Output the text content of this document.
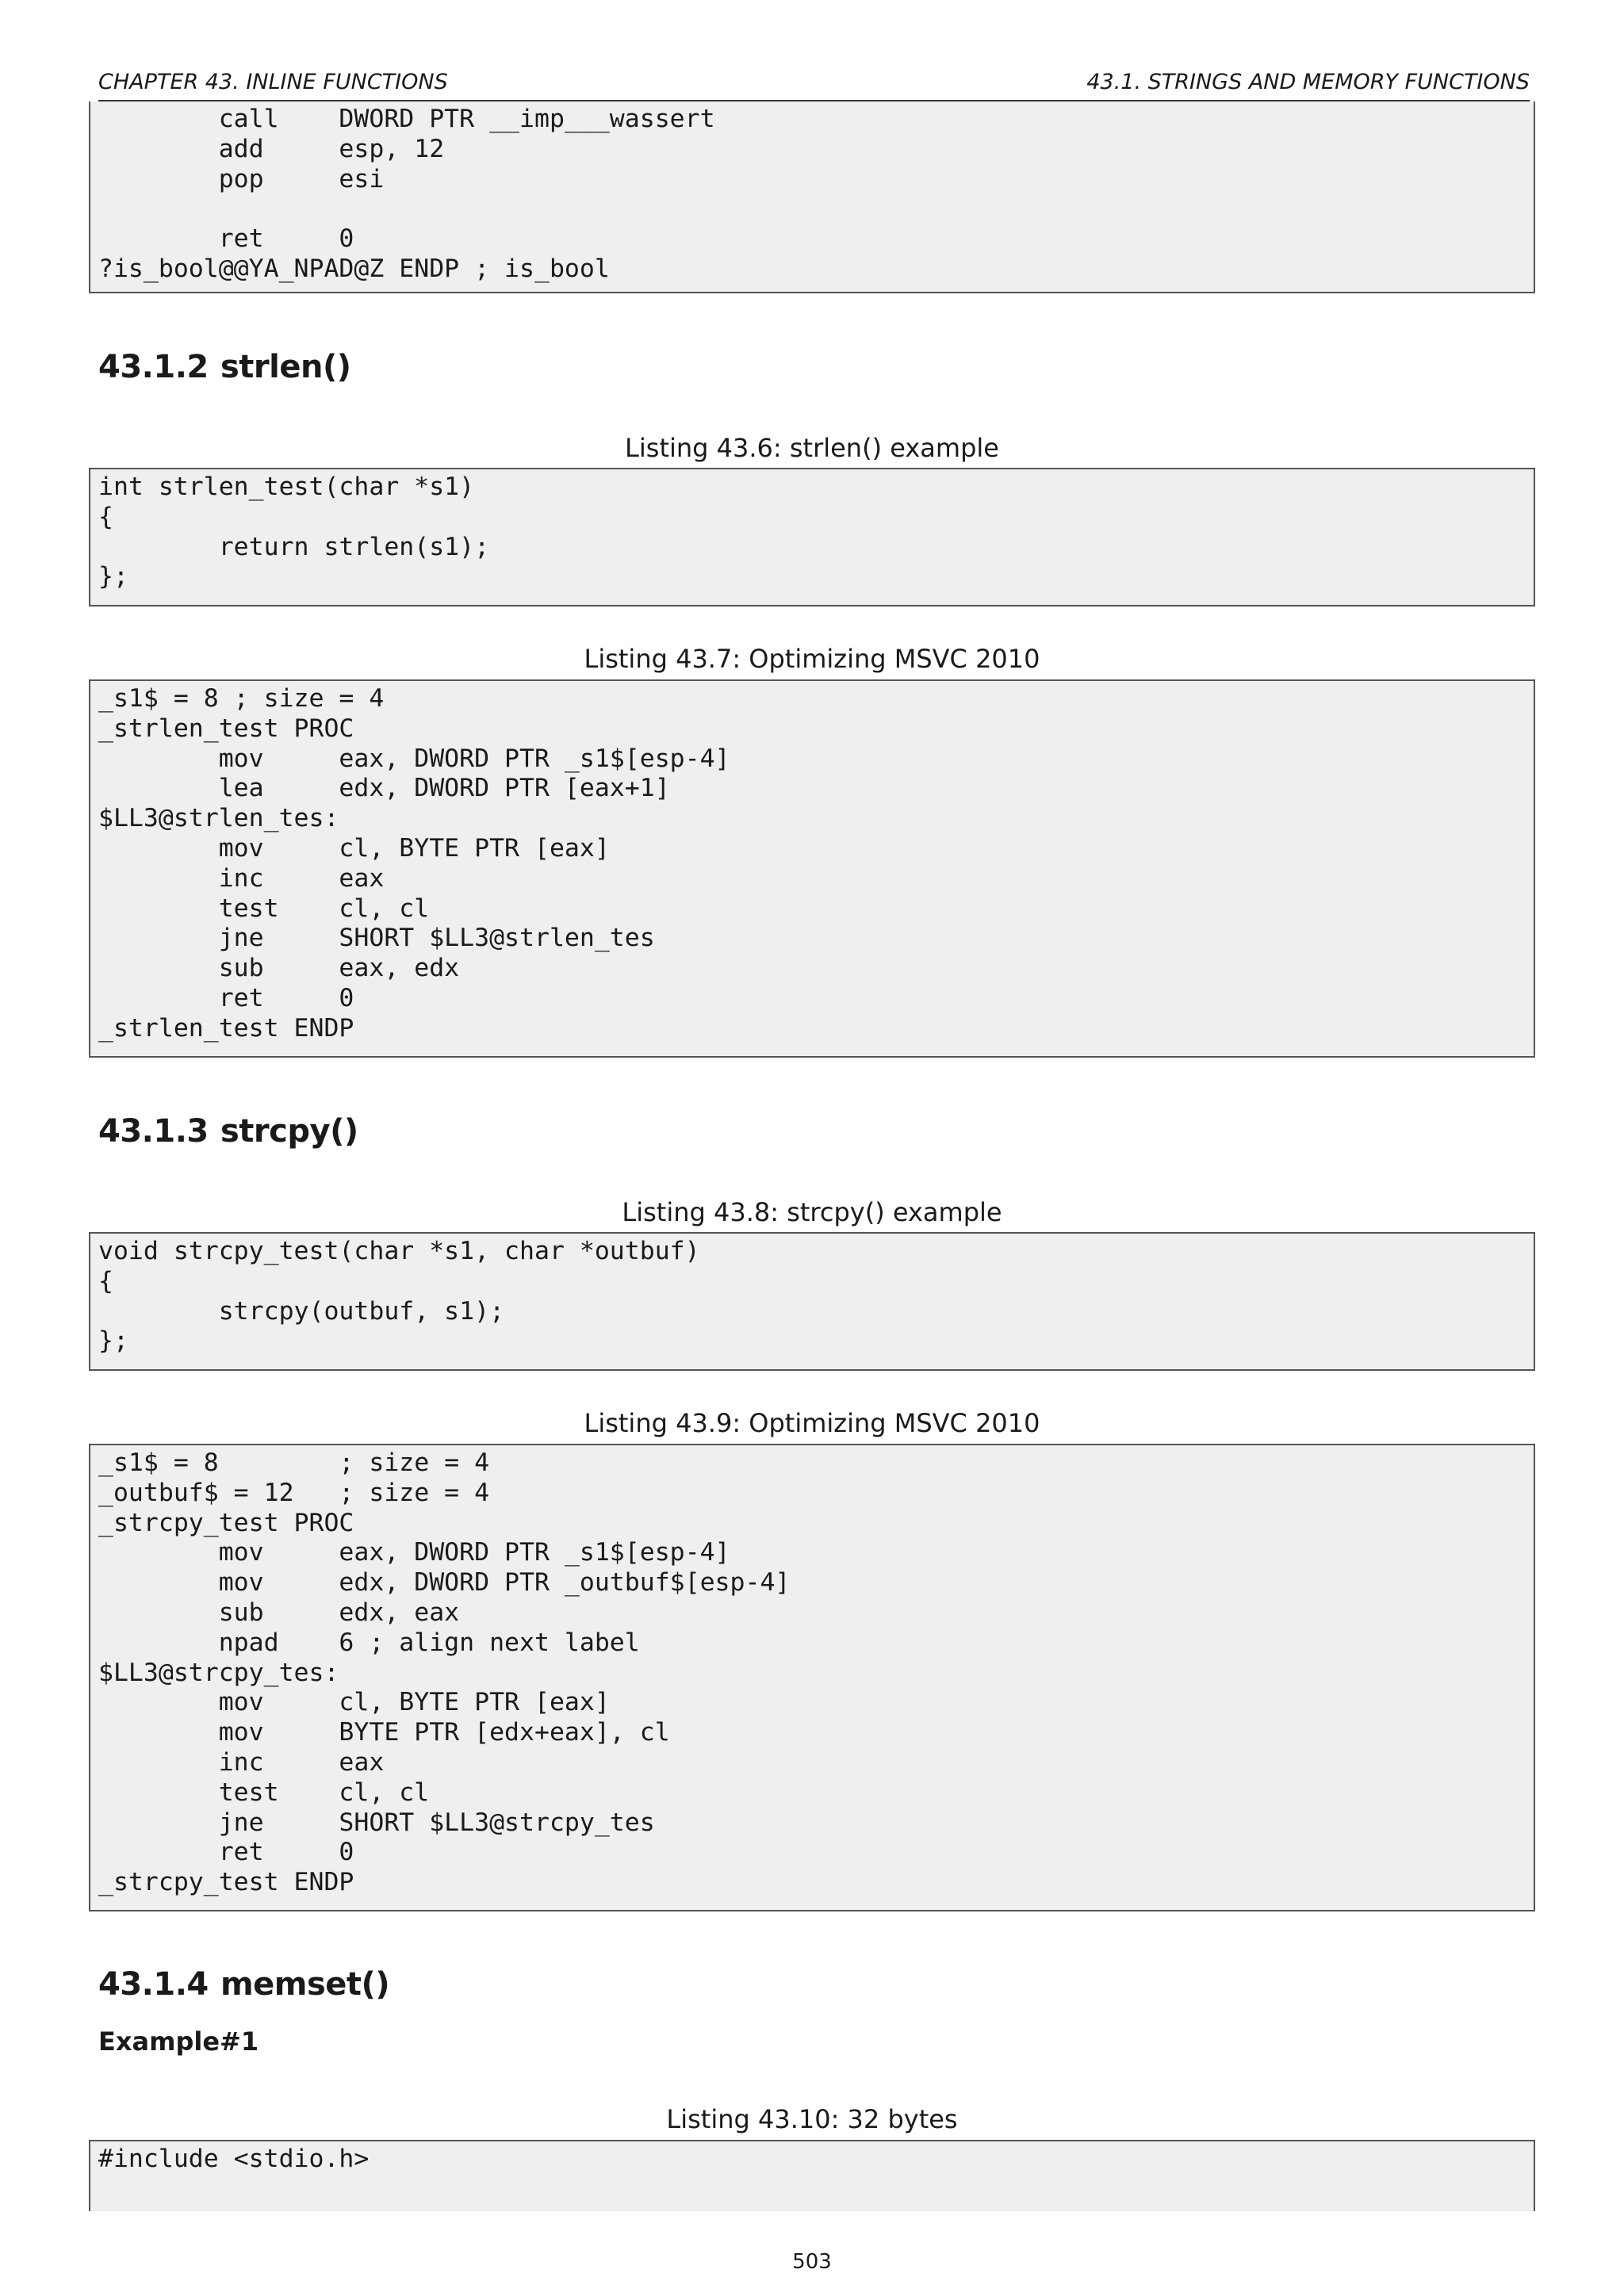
CHAPTER 43. INLINE FUNCTIONS	43.1. STRINGS AND MEMORY FUNCTIONS
call    DWORD PTR __imp___wassert
add     esp, 12
pop     esi
ret     0
?is_bool@@YA_NPAD@Z ENDP ; is_bool
43.1.2 strlen()
Listing 43.6: strlen() example
int strlen_test(char *s1)
{
return strlen(s1);
};
Listing 43.7: Optimizing MSVC 2010
_s1$ = 8 ; size = 4
_strlen_test PROC
mov     eax, DWORD PTR _s1$[esp-4]
lea     edx, DWORD PTR [eax+1]
$LL3@strlen_tes:
mov     cl, BYTE PTR [eax]
inc     eax
test    cl, cl
jne     SHORT $LL3@strlen_tes
sub     eax, edx
ret     0
_strlen_test ENDP
43.1.3 strcpy()
Listing 43.8: strcpy() example
void strcpy_test(char *s1, char *outbuf)
{
strcpy(outbuf, s1);
};
Listing 43.9: Optimizing MSVC 2010
_s1$ = 8        ; size = 4
_outbuf$ = 12   ; size = 4
_strcpy_test PROC
mov     eax, DWORD PTR _s1$[esp-4]
mov     edx, DWORD PTR _outbuf$[esp-4]
sub     edx, eax
npad    6 ; align next label
$LL3@strcpy_tes:
mov     cl, BYTE PTR [eax]
mov     BYTE PTR [edx+eax], cl
inc     eax
test    cl, cl
jne     SHORT $LL3@strcpy_tes
ret     0
_strcpy_test ENDP
43.1.4 memset()
Example#1
Listing 43.10: 32 bytes
#include <stdio.h>
503
